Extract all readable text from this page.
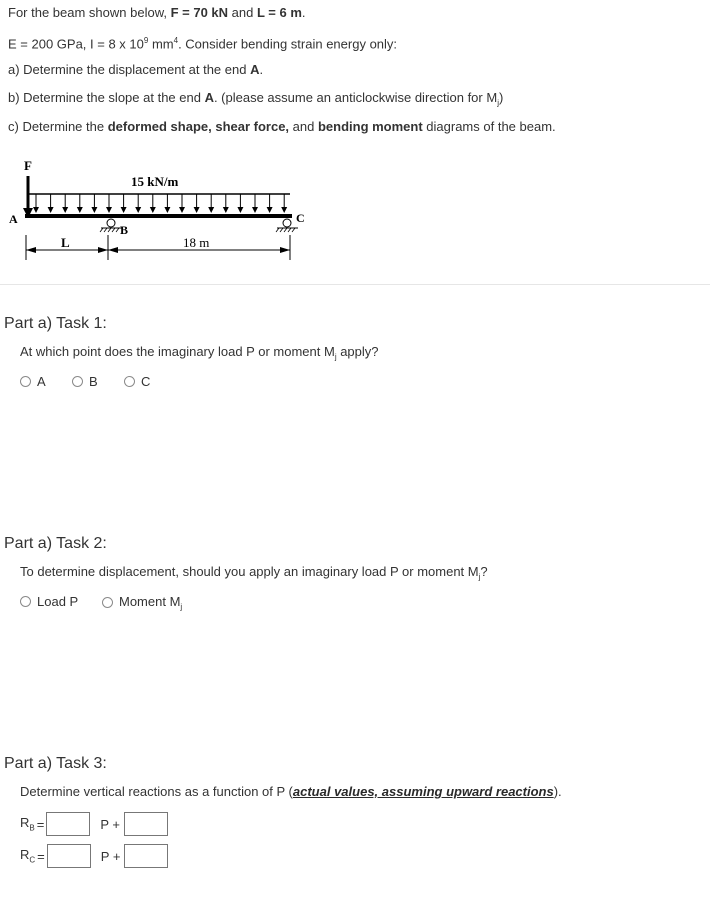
For the beam shown below, F = 70 kN and L = 6 m.
E = 200 GPa, I = 8 x $10^9$ $mm^4$. Consider bending strain energy only:
a) Determine the displacement at the end A.
b) Determine the slope at the end A. (please assume an anticlockwise direction for $M_j$)
c) Determine the deformed shape, shear force, and bending moment diagrams of the beam.
F
15 kN/m
A
B
C
L	18 m
Part a) Task 1:
At which point does the imaginary load P or moment $M_j$ apply?
A	B	C
Part a) Task 2:
To determine displacement, should you apply an imaginary load P or moment $M_j$?
Load P	Moment $M_j$
Part a) Task 3:
Determine vertical reactions as a function of P (actual values, assuming upward reactions).
$R_B$ =	P +
$R_C$ =	P +
